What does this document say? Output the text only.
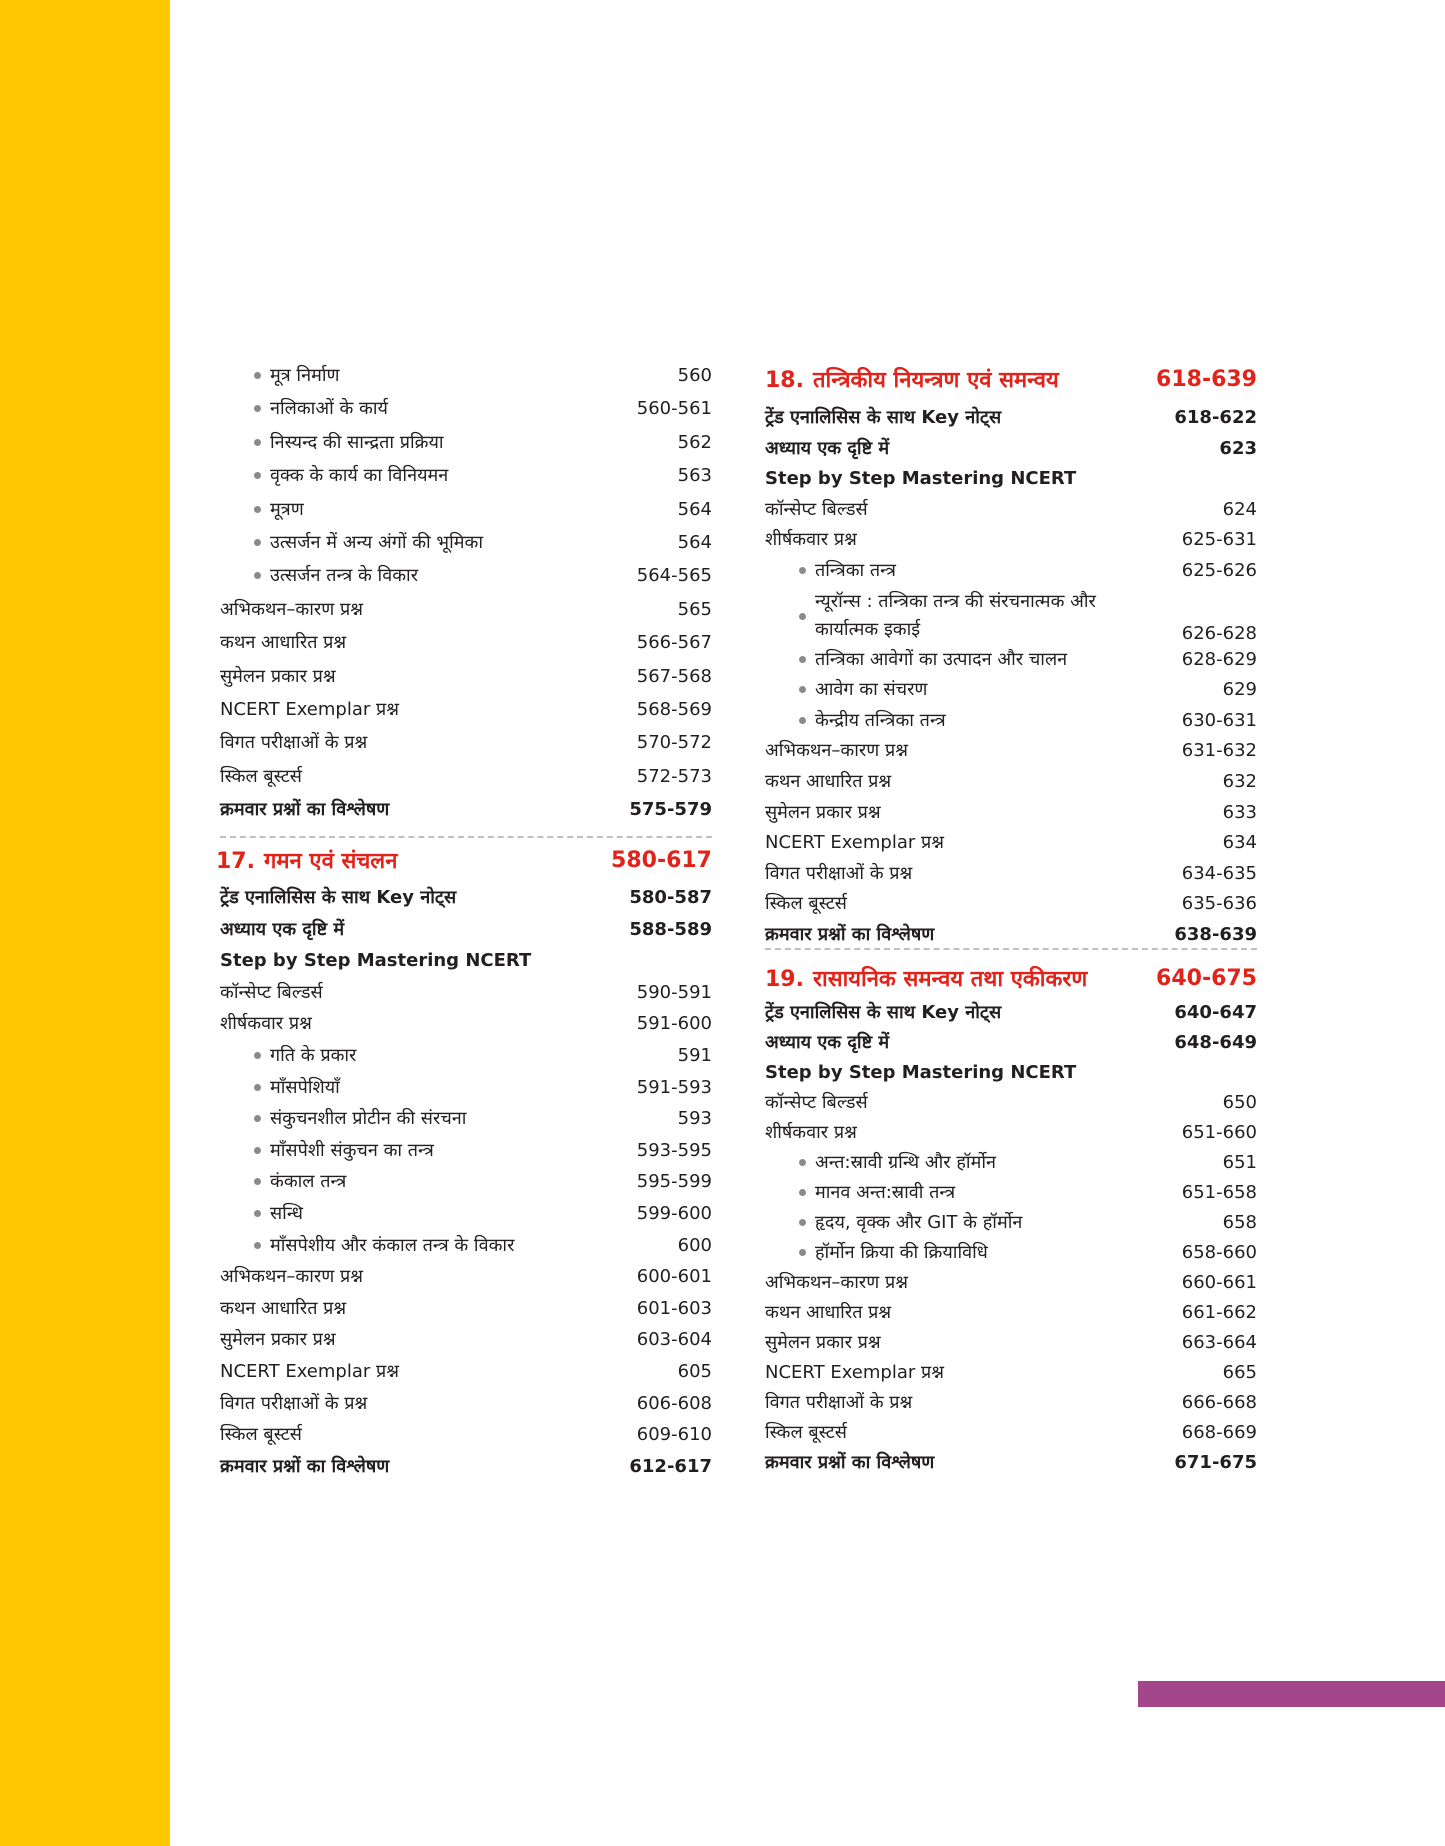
मूत्र निर्माण	560
नलिकाओं के कार्य	560-561
निस्यन्द की सान्द्रता प्रक्रिया	562
वृक्क के कार्य का विनियमन	563
मूत्रण	564
उत्सर्जन में अन्य अंगों की भूमिका	564
उत्सर्जन तन्त्र के विकार	564-565
अभिकथन–कारण प्रश्न	565
कथन आधारित प्रश्न	566-567
सुमेलन प्रकार प्रश्न	567-568
NCERT Exemplar प्रश्न	568-569
विगत परीक्षाओं के प्रश्न	570-572
स्किल बूस्टर्स	572-573
क्रमवार प्रश्नों का विश्लेषण	575-579
17. गमन एवं संचलन	580-617
ट्रेंड एनालिसिस के साथ Key नोट्स	580-587
अध्याय एक दृष्टि में	588-589
Step by Step Mastering NCERT
कॉन्सेप्ट बिल्डर्स	590-591
शीर्षकवार प्रश्न	591-600
गति के प्रकार	591
माँसपेशियाँ	591-593
संकुचनशील प्रोटीन की संरचना	593
माँसपेशी संकुचन का तन्त्र	593-595
कंकाल तन्त्र	595-599
सन्धि	599-600
माँसपेशीय और कंकाल तन्त्र के विकार	600
अभिकथन–कारण प्रश्न	600-601
कथन आधारित प्रश्न	601-603
सुमेलन प्रकार प्रश्न	603-604
NCERT Exemplar प्रश्न	605
विगत परीक्षाओं के प्रश्न	606-608
स्किल बूस्टर्स	609-610
क्रमवार प्रश्नों का विश्लेषण	612-617
18. तन्त्रिकीय नियन्त्रण एवं समन्वय	618-639
ट्रेंड एनालिसिस के साथ Key नोट्स	618-622
अध्याय एक दृष्टि में	623
Step by Step Mastering NCERT
कॉन्सेप्ट बिल्डर्स	624
शीर्षकवार प्रश्न	625-631
तन्त्रिका तन्त्र	625-626
न्यूरॉन्स : तन्त्रिका तन्त्र की संरचनात्मक और कार्यात्मक इकाई	626-628
तन्त्रिका आवेगों का उत्पादन और चालन	628-629
आवेग का संचरण	629
केन्द्रीय तन्त्रिका तन्त्र	630-631
अभिकथन–कारण प्रश्न	631-632
कथन आधारित प्रश्न	632
सुमेलन प्रकार प्रश्न	633
NCERT Exemplar प्रश्न	634
विगत परीक्षाओं के प्रश्न	634-635
स्किल बूस्टर्स	635-636
क्रमवार प्रश्नों का विश्लेषण	638-639
19. रासायनिक समन्वय तथा एकीकरण	640-675
ट्रेंड एनालिसिस के साथ Key नोट्स	640-647
अध्याय एक दृष्टि में	648-649
Step by Step Mastering NCERT
कॉन्सेप्ट बिल्डर्स	650
शीर्षकवार प्रश्न	651-660
अन्त:स्रावी ग्रन्थि और हॉर्मोन	651
मानव अन्त:स्रावी तन्त्र	651-658
हृदय, वृक्क और GIT के हॉर्मोन	658
हॉर्मोन क्रिया की क्रियाविधि	658-660
अभिकथन–कारण प्रश्न	660-661
कथन आधारित प्रश्न	661-662
सुमेलन प्रकार प्रश्न	663-664
NCERT Exemplar प्रश्न	665
विगत परीक्षाओं के प्रश्न	666-668
स्किल बूस्टर्स	668-669
क्रमवार प्रश्नों का विश्लेषण	671-675
